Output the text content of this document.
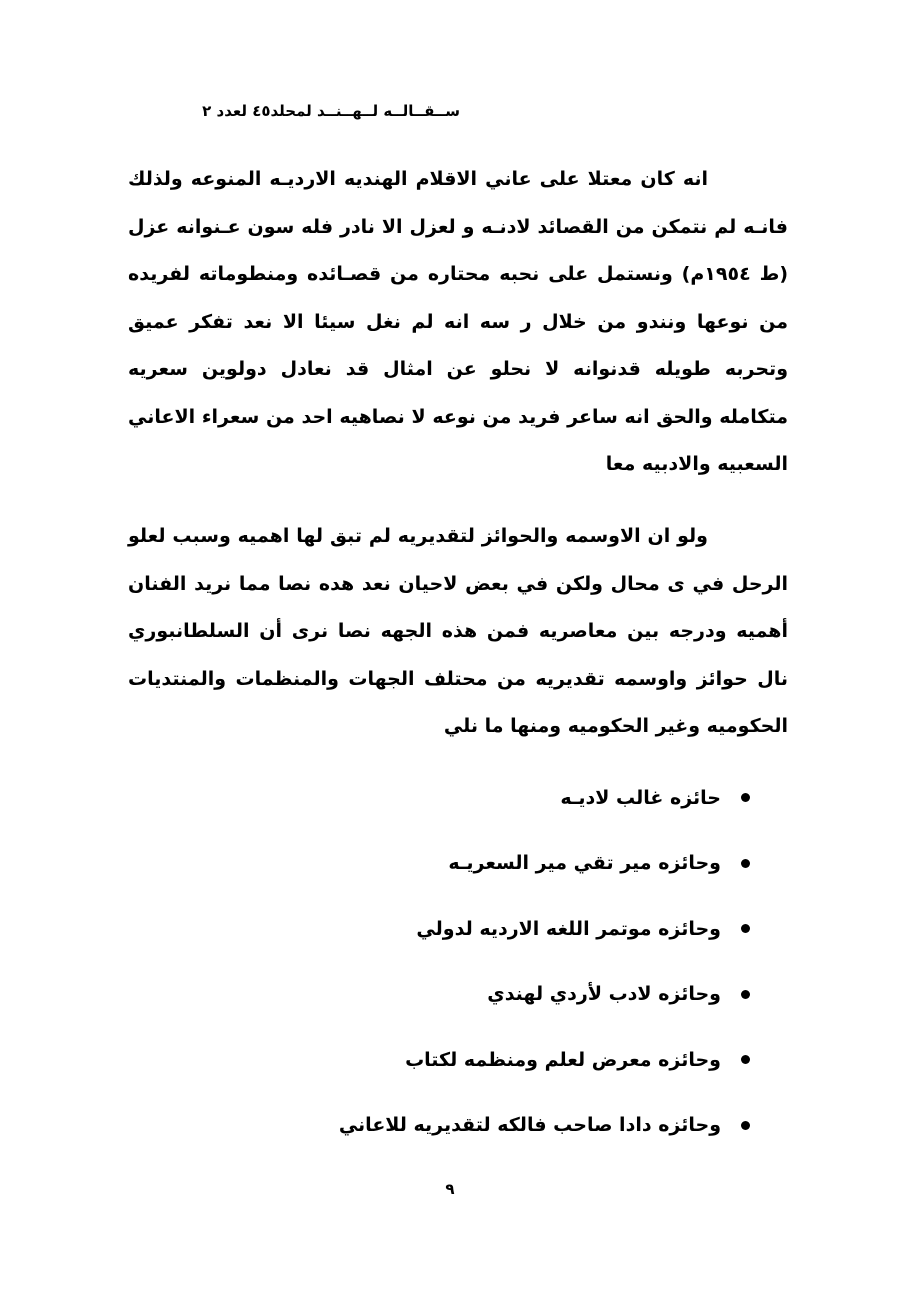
ســقــالــه لــهــنــد لمحلد٤٥ لعدد ٢

انه كان معتلا على عاني الاقلام الهنديه الارديـه المنوعه ولذلك فانـه لم نتمكن من القصائد لادنـه و لعزل الا نادر فله سون عـنوانه عزل (ط ١٩٥٤م) ونستمل على نحبه محتاره من قصـائده ومنطوماته لفريده من نوعها ونندو من خلال ر سه انه لم نغل سيئا الا نعد تفكر عميق وتحربه طويله قدنوانه لا نحلو عن امثال قد نعادل دولوين سعريه متكامله والحق انه ساعر فريد من نوعه لا نصاهيه احد من سعراء الاعاني السعبيه والادبيه معا

ولو ان الاوسمه والحوائز لتقديريه لم تبق لها اهميه وسبب لعلو الرحل في ى محال ولكن في بعض لاحيان نعد هده نصا مما نريد الفنان أهميه ودرجه بين معاصريه فمن هذه الجهه نصا نرى أن السلطانبوري نال حوائز واوسمه تقديريه من محتلف الجهات والمنظمات والمنتديات الحكوميه وغير الحكوميه ومنها ما نلي

حائزه غالب لاديـه
وحائزه مير تقي مير السعريـه
وحائزه موتمر اللغه الارديه لدولي
وحائزه لادب لأردي لهندي
وحائزه معرض لعلم ومنظمه لكتاب
وحائزه دادا صاحب فالكه لتقديريه للاعاني
٩
